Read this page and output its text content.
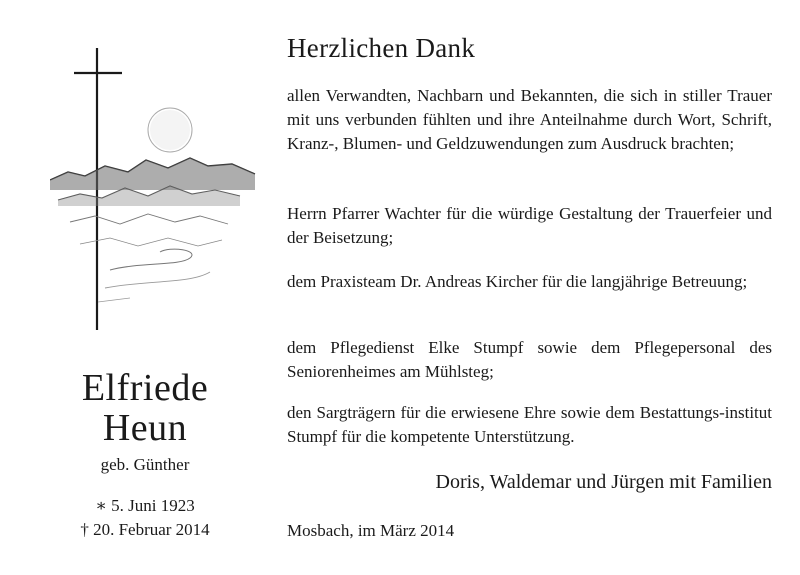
Elfriede
Heun
geb. Günther
∗ 5. Juni 1923
† 20. Februar 2014
Herzlichen Dank
allen Verwandten, Nachbarn und Bekannten, die sich in stiller Trauer mit uns verbunden fühlten und ihre Anteilnahme durch Wort, Schrift, Kranz-, Blumen- und Geldzuwendungen zum Ausdruck brachten;
Herrn Pfarrer Wachter für die würdige Gestaltung der Trauerfeier und der Beisetzung;
dem Praxisteam Dr. Andreas Kircher für die langjährige Betreuung;
dem Pflegedienst Elke Stumpf sowie dem Pflegepersonal des Seniorenheimes am Mühlsteg;
den Sargträgern für die erwiesene Ehre sowie dem Bestattungs-institut Stumpf für die kompetente Unterstützung.
Doris, Waldemar und Jürgen mit Familien
Mosbach, im März 2014
